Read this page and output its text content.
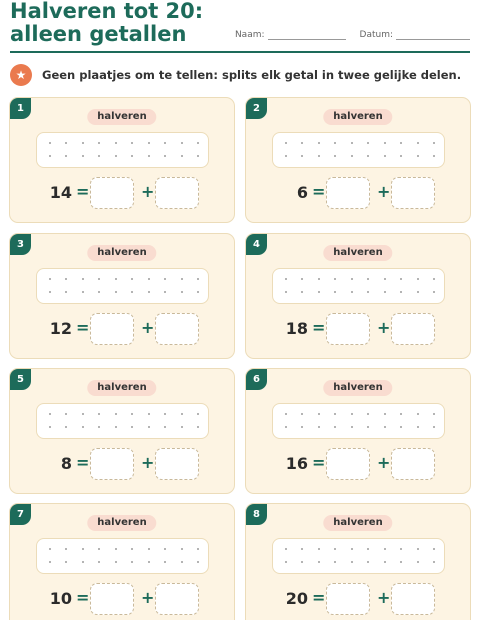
Halveren tot 20: alleen getallen	Naam:	Datum:
★	Geen plaatjes om te tellen: splits elk getal in twee gelijke delen.
1
halveren
14 =	+
2
halveren
6 =	+
3
halveren
12 =	+
4
halveren
18 =	+
5
halveren
8 =	+
6
halveren
16 =	+
7
halveren
10 =	+
8
halveren
20 =	+
